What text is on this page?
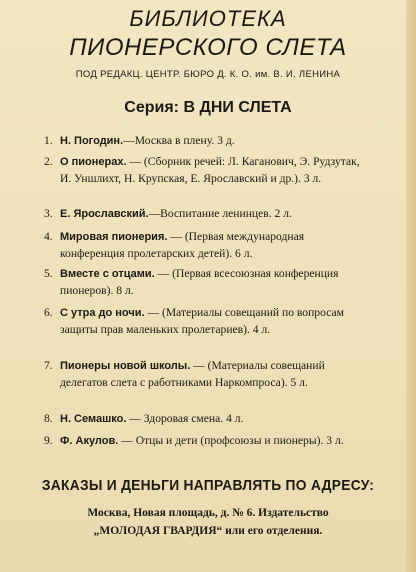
БИБЛИОТЕКА
ПИОНЕРСКОГО СЛЕТА
ПОД РЕДАКЦ. ЦЕНТР. БЮРО Д. К. О. им. В. И. ЛЕНИНА
Серия: В ДНИ СЛЕТА
1. Н. Погодин.—Москва в плену. 3 д.
2. О пионерах. — (Сборник речей: Л. Каганович, Э. Рудзутак, И. Уншлихт, Н. Крупская, Е. Ярославский и др.). 3 л.
3. Е. Ярославский.—Воспитание ленинцев. 2 л.
4. Мировая пионерия. — (Первая международная конференция пролетарских детей). 6 л.
5. Вместе с отцами. — (Первая всесоюзная конференция пионеров). 8 л.
6. С утра до ночи. — (Материалы совещаний по вопросам защиты прав маленьких пролетариев). 4 л.
7. Пионеры новой школы. — (Материалы совещаний делегатов слета с работниками Наркомпроса). 5 л.
8. Н. Семашко. — Здоровая смена. 4 л.
9. Ф. Акулов. — Отцы и дети (профсоюзы и пионеры). 3 л.
ЗАКАЗЫ И ДЕНЬГИ НАПРАВЛЯТЬ ПО АДРЕСУ:
Москва, Новая площадь, д. № 6. Издательство
„МОЛОДАЯ ГВАРДИЯ“ или его отделения.
